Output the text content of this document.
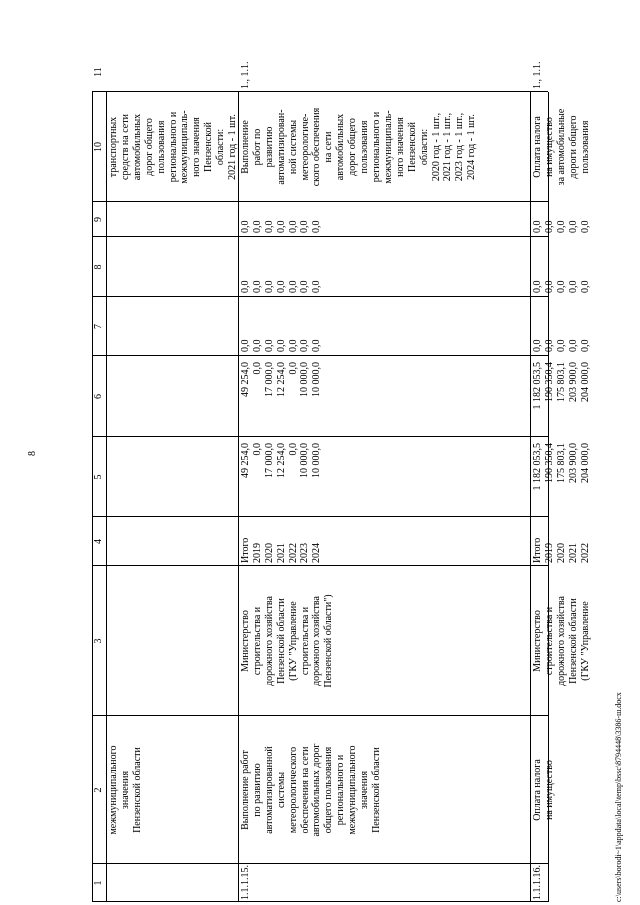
8
1
2
3
4
5
6
7
8
9
10
11
межмуниципального
значения
Пензенской области
транспортных
средств на сети
автомобильных
дорог общего
пользования
регионального и
межмуниципаль-
ного значения
Пензенской
области:
2021 год - 1 шт.
1.1.1.15.
Выполнение работ
по развитию
автоматизированной
системы
метеорологического
обеспечения на сети
автомобильных дорог
общего пользования
регионального и
межмуниципального
значения
Пензенской области
Министерство
строительства и
дорожного хозяйства
Пензенской области
(ГКУ "Управление
строительства и
дорожного хозяйства
Пензенской области")
Итого 2019 2020 2021 2022 2023 2024
49 254,0 0,0 17 000,0 12 254,0 0,0 10 000,0 10 000,0
49 254,0 0,0 17 000,0 12 254,0 0,0 10 000,0 10 000,0
0,0 0,0 0,0 0,0 0,0 0,0 0,0
0,0 0,0 0,0 0,0 0,0 0,0 0,0
0,0 0,0 0,0 0,0 0,0 0,0 0,0
Выполнение
работ по
развитию
автоматизирован-
ной системы
метеорологиче-
ского обеспечения
на сети
автомобильных
дорог общего
пользования
регионального и
межмуниципаль-
ного значения
Пензенской
области:
2020 год - 1 шт.,
2021 год - 1 шт.,
2023 год - 1 шт.,
2024 год - 1 шт.
1., 1.1.
1.1.1.16.
Оплата налога
на имущество
Министерство
строительства и
дорожного хозяйства
Пензенской области
(ГКУ "Управление
Итого 2019 2020 2021 2022
1 182 053,5 190 350,4 175 803,1 203 900,0 204 000,0
1 182 053,5 190 350,4 175 803,1 203 900,0 204 000,0
0,0 0,0 0,0 0,0 0,0
0,0 0,0 0,0 0,0 0,0
0,0 0,0 0,0 0,0 0,0
Оплата налога
на имущество
за автомобильные
дороги общего
пользования
1., 1.1.
c:\users\borodi~1\appdata\local\temp\bssc\8794448\3386-ш.docx
